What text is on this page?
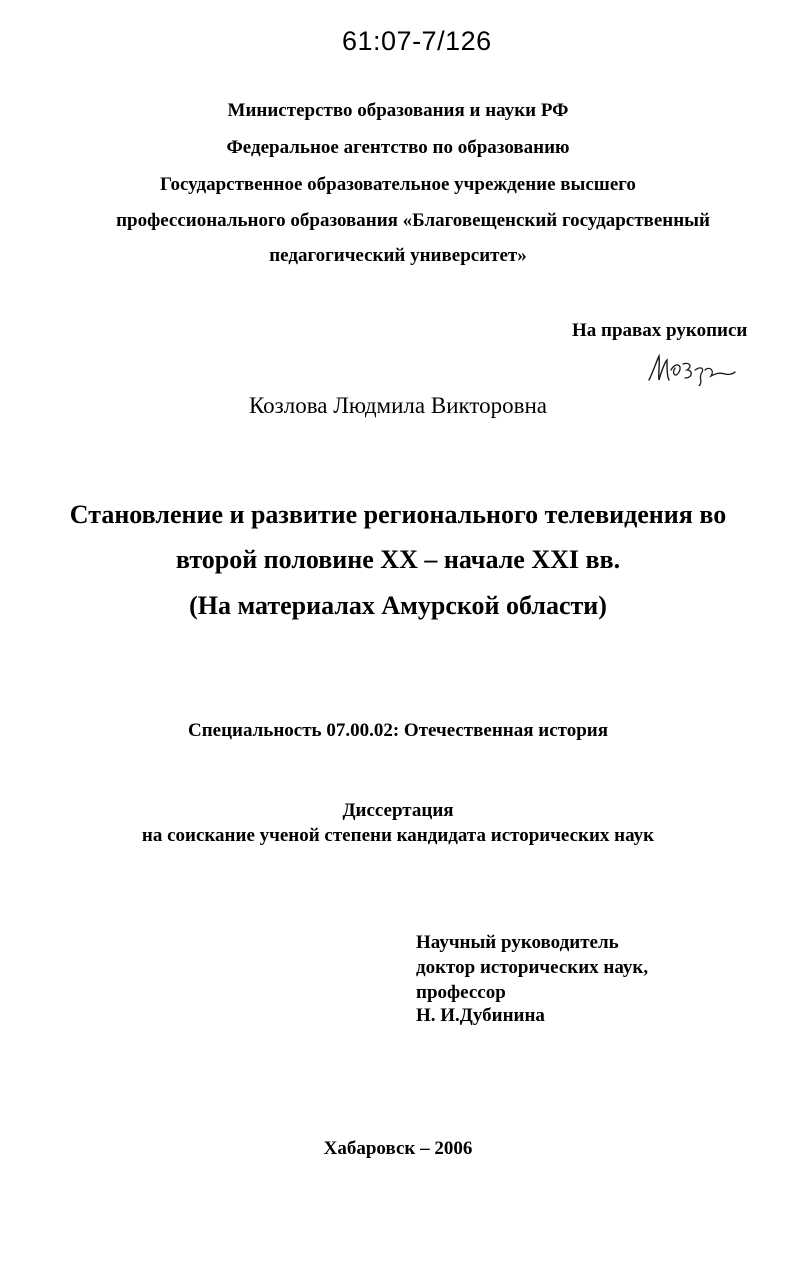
61:07-7/126
Министерство образования и науки РФ
Федеральное агентство по образованию
Государственное образовательное учреждение высшего
профессионального образования «Благовещенский государственный
педагогический университет»
На правах рукописи
Козлова Людмила Викторовна
Становление и развитие регионального телевидения во
второй половине XX – начале XXI вв.
(На материалах Амурской области)
Специальность 07.00.02: Отечественная история
Диссертация
на соискание ученой степени кандидата исторических наук
Научный руководитель
доктор исторических наук,
профессор
Н. И.Дубинина
Хабаровск – 2006
